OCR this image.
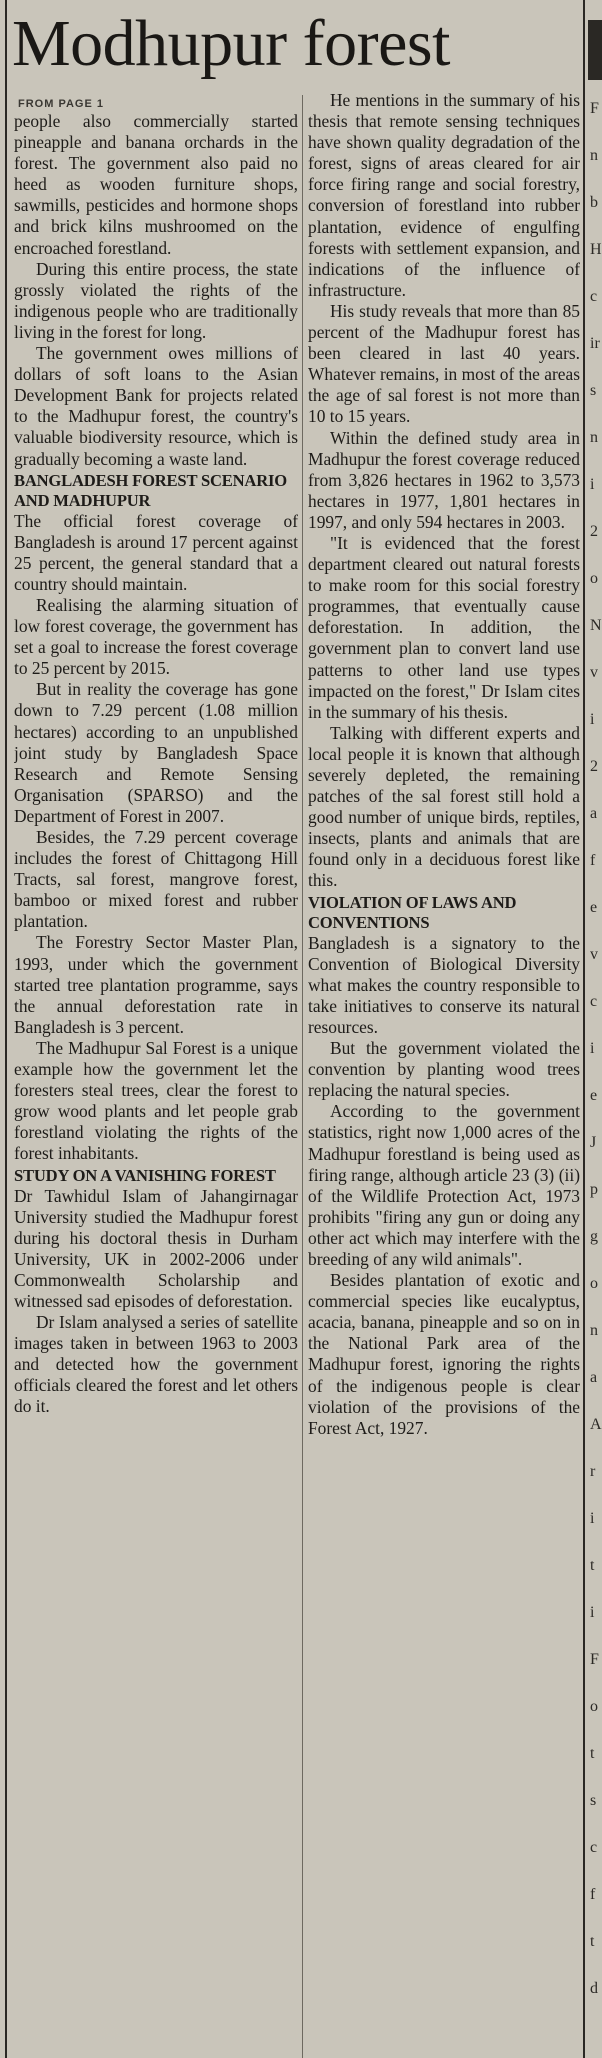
Modhupur forest
FROM PAGE 1

people also commercially started pineapple and banana orchards in the forest. The government also paid no heed as wooden furniture shops, sawmills, pesticides and hormone shops and brick kilns mushroomed on the encroached forestland.

During this entire process, the state grossly violated the rights of the indigenous people who are traditionally living in the forest for long.

The government owes millions of dollars of soft loans to the Asian Development Bank for projects related to the Madhupur forest, the country's valuable biodiversity resource, which is gradually becoming a waste land.

BANGLADESH FOREST SCENARIO AND MADHUPUR

The official forest coverage of Bangladesh is around 17 percent against 25 percent, the general standard that a country should maintain.

Realising the alarming situation of low forest coverage, the government has set a goal to increase the forest coverage to 25 percent by 2015.

But in reality the coverage has gone down to 7.29 percent (1.08 million hectares) according to an unpublished joint study by Bangladesh Space Research and Remote Sensing Organisation (SPARSO) and the Department of Forest in 2007.

Besides, the 7.29 percent coverage includes the forest of Chittagong Hill Tracts, sal forest, mangrove forest, bamboo or mixed forest and rubber plantation.

The Forestry Sector Master Plan, 1993, under which the government started tree plantation programme, says the annual deforestation rate in Bangladesh is 3 percent.

The Madhupur Sal Forest is a unique example how the government let the foresters steal trees, clear the forest to grow wood plants and let people grab forestland violating the rights of the forest inhabitants.

STUDY ON A VANISHING FOREST

Dr Tawhidul Islam of Jahangirnagar University studied the Madhupur forest during his doctoral thesis in Durham University, UK in 2002-2006 under Commonwealth Scholarship and witnessed sad episodes of deforestation.

Dr Islam analysed a series of satellite images taken in between 1963 to 2003 and detected how the government officials cleared the forest and let others do it.

He mentions in the summary of his thesis that remote sensing techniques have shown quality degradation of the forest, signs of areas cleared for air force firing range and social forestry, conversion of forestland into rubber plantation, evidence of engulfing forests with settlement expansion, and indications of the influence of infrastructure.

His study reveals that more than 85 percent of the Madhupur forest has been cleared in last 40 years. Whatever remains, in most of the areas the age of sal forest is not more than 10 to 15 years.

Within the defined study area in Madhupur the forest coverage reduced from 3,826 hectares in 1962 to 3,573 hectares in 1977, 1,801 hectares in 1997, and only 594 hectares in 2003.

"It is evidenced that the forest department cleared out natural forests to make room for this social forestry programmes, that eventually cause deforestation. In addition, the government plan to convert land use patterns to other land use types impacted on the forest," Dr Islam cites in the summary of his thesis.

Talking with different experts and local people it is known that although severely depleted, the remaining patches of the sal forest still hold a good number of unique birds, reptiles, insects, plants and animals that are found only in a deciduous forest like this.

VIOLATION OF LAWS AND CONVENTIONS

Bangladesh is a signatory to the Convention of Biological Diversity what makes the country responsible to take initiatives to conserve its natural resources.

But the government violated the convention by planting wood trees replacing the natural species.

According to the government statistics, right now 1,000 acres of the Madhupur forestland is being used as firing range, although article 23 (3) (ii) of the Wildlife Protection Act, 1973 prohibits "firing any gun or doing any other act which may interfere with the breeding of any wild animals".

Besides plantation of exotic and commercial species like eucalyptus, acacia, banana, pineapple and so on in the National Park area of the Madhupur forest, ignoring the rights of the indigenous people is clear violation of the provisions of the Forest Act, 1927.

F
n
b
H
c
ir
s
n
i
2
o
N
v
i
2
a
f
e
v
c
i
e
J
p
g
o
n
a
A
r
i
t
i
F
o
t
s
c
f
t
d
